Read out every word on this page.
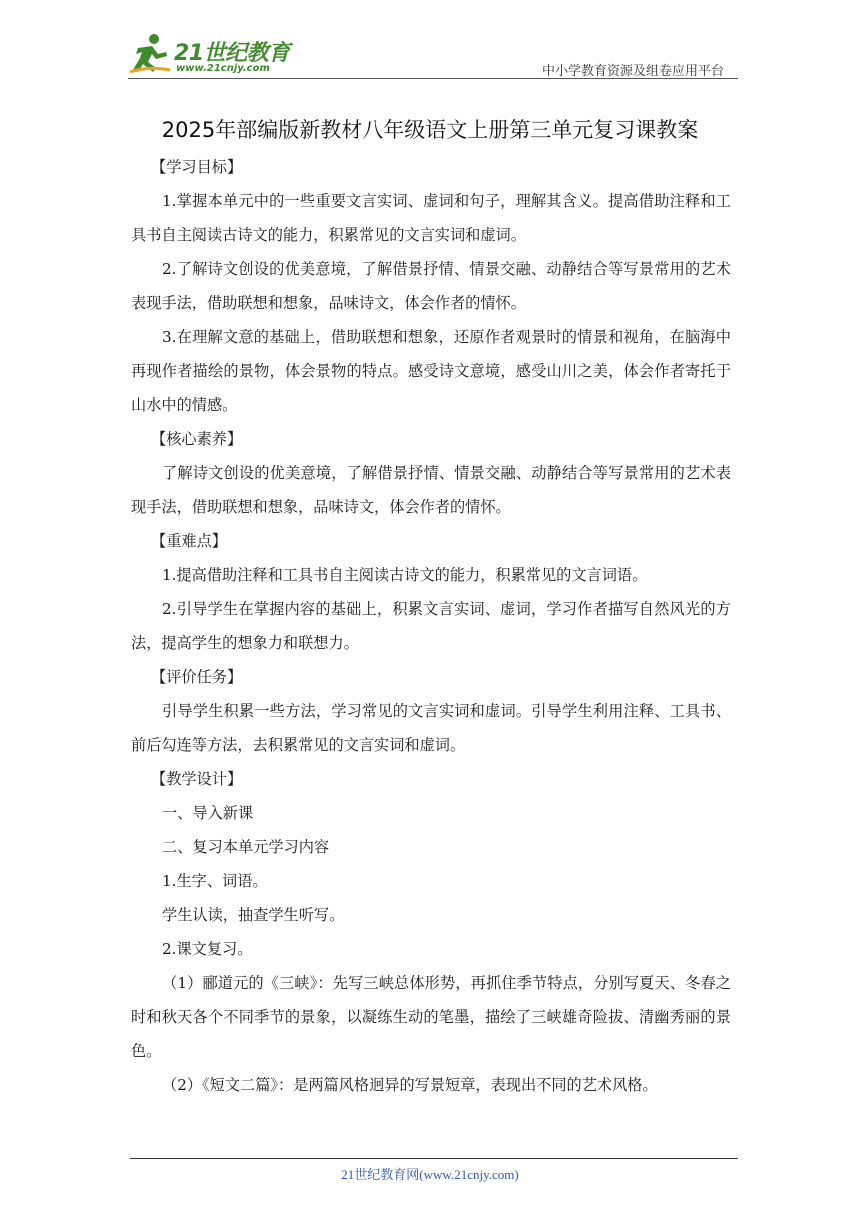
21世纪教育
www.21cnjy.com	中小学教育资源及组卷应用平台
2025年部编版新教材八年级语文上册第三单元复习课教案

【学习目标】

1.掌握本单元中的一些重要文言实词、虚词和句子，理解其含义。提高借助注释和工具书自主阅读古诗文的能力，积累常见的文言实词和虚词。

2.了解诗文创设的优美意境，了解借景抒情、情景交融、动静结合等写景常用的艺术表现手法，借助联想和想象，品味诗文，体会作者的情怀。

3.在理解文意的基础上，借助联想和想象，还原作者观景时的情景和视角，在脑海中再现作者描绘的景物，体会景物的特点。感受诗文意境，感受山川之美，体会作者寄托于山水中的情感。

【核心素养】

了解诗文创设的优美意境，了解借景抒情、情景交融、动静结合等写景常用的艺术表现手法，借助联想和想象，品味诗文，体会作者的情怀。

【重难点】

1.提高借助注释和工具书自主阅读古诗文的能力，积累常见的文言词语。

2.引导学生在掌握内容的基础上，积累文言实词、虚词，学习作者描写自然风光的方法，提高学生的想象力和联想力。

【评价任务】

引导学生积累一些方法，学习常见的文言实词和虚词。引导学生利用注释、工具书、前后勾连等方法，去积累常见的文言实词和虚词。

【教学设计】

一、导入新课

二、复习本单元学习内容

1.生字、词语。

学生认读，抽查学生听写。

2.课文复习。

（1）郦道元的《三峡》：先写三峡总体形势，再抓住季节特点，分别写夏天、冬春之时和秋天各个不同季节的景象，以凝练生动的笔墨，描绘了三峡雄奇险拔、清幽秀丽的景色。

（2）《短文二篇》：是两篇风格迥异的写景短章，表现出不同的艺术风格。

21世纪教育网(www.21cnjy.com)
